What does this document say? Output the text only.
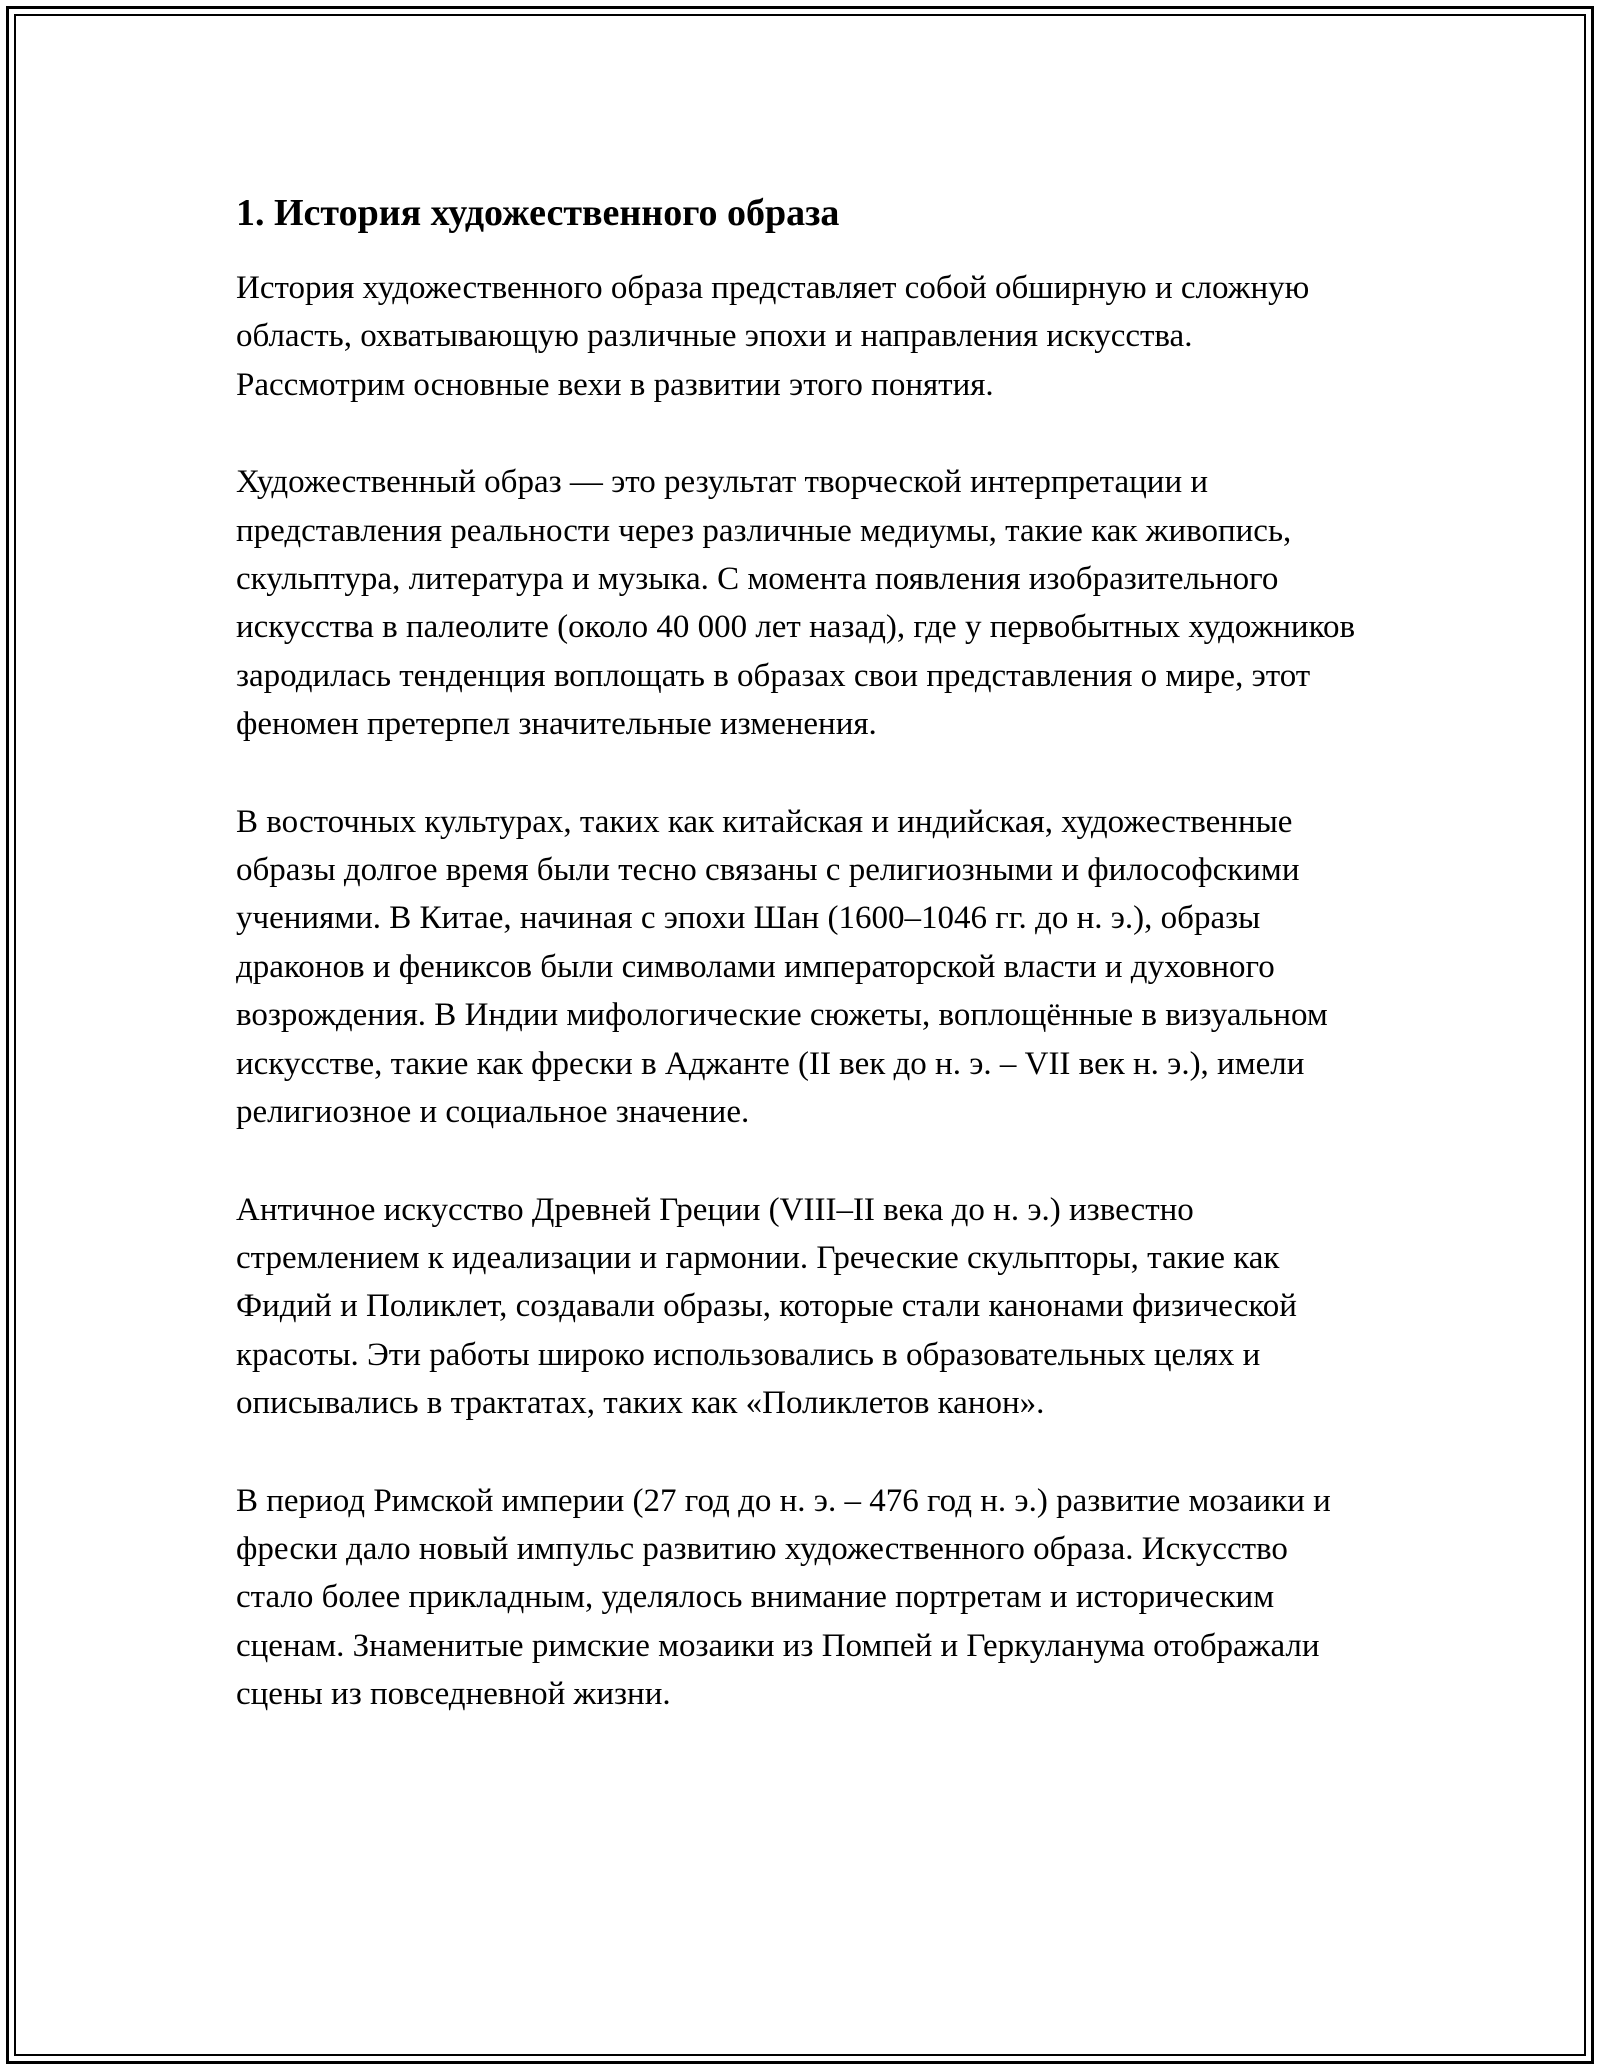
1. История художественного образа

История художественного образа представляет собой обширную и сложную область, охватывающую различные эпохи и направления искусства. Рассмотрим основные вехи в развитии этого понятия.

Художественный образ — это результат творческой интерпретации и представления реальности через различные медиумы, такие как живопись, скульптура, литература и музыка. С момента появления изобразительного искусства в палеолите (около 40 000 лет назад), где у первобытных художников зародилась тенденция воплощать в образах свои представления о мире, этот феномен претерпел значительные изменения.

В восточных культурах, таких как китайская и индийская, художественные образы долгое время были тесно связаны с религиозными и философскими учениями. В Китае, начиная с эпохи Шан (1600–1046 гг. до н. э.), образы драконов и фениксов были символами императорской власти и духовного возрождения. В Индии мифологические сюжеты, воплощённые в визуальном искусстве, такие как фрески в Аджанте (II век до н. э. – VII век н. э.), имели религиозное и социальное значение.

Античное искусство Древней Греции (VIII–II века до н. э.) известно стремлением к идеализации и гармонии. Греческие скульпторы, такие как Фидий и Поликлет, создавали образы, которые стали канонами физической красоты. Эти работы широко использовались в образовательных целях и описывались в трактатах, таких как «Поликлетов канон».

В период Римской империи (27 год до н. э. – 476 год н. э.) развитие мозаики и фрески дало новый импульс развитию художественного образа. Искусство стало более прикладным, уделялось внимание портретам и историческим сценам. Знаменитые римские мозаики из Помпей и Геркуланума отображали сцены из повседневной жизни.
